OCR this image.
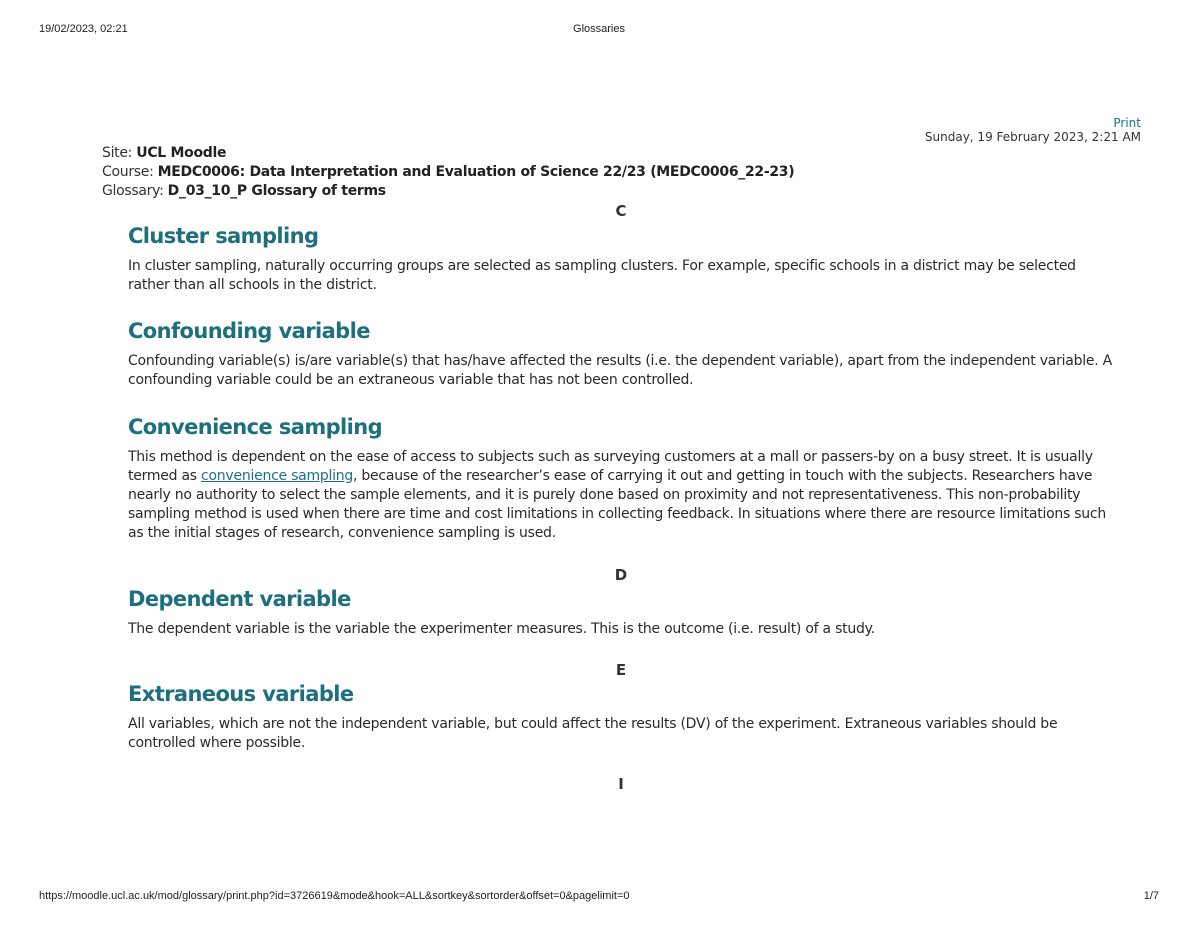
19/02/2023, 02:21	Glossaries
Print
Sunday, 19 February 2023, 2:21 AM
Site: UCL Moodle
Course: MEDC0006: Data Interpretation and Evaluation of Science 22/23 (MEDC0006_22-23)
Glossary: D_03_10_P Glossary of terms
C
Cluster sampling

In cluster sampling, naturally occurring groups are selected as sampling clusters. For example, specific schools in a district may be selected rather than all schools in the district.

Confounding variable

Confounding variable(s) is/are variable(s) that has/have affected the results (i.e. the dependent variable), apart from the independent variable. A confounding variable could be an extraneous variable that has not been controlled.

Convenience sampling

This method is dependent on the ease of access to subjects such as surveying customers at a mall or passers-by on a busy street. It is usually termed as convenience sampling, because of the researcher’s ease of carrying it out and getting in touch with the subjects. Researchers have nearly no authority to select the sample elements, and it is purely done based on proximity and not representativeness. This non-probability sampling method is used when there are time and cost limitations in collecting feedback. In situations where there are resource limitations such as the initial stages of research, convenience sampling is used.

D
Dependent variable

The dependent variable is the variable the experimenter measures. This is the outcome (i.e. result) of a study.

E
Extraneous variable

All variables, which are not the independent variable, but could affect the results (DV) of the experiment. Extraneous variables should be controlled where possible.

I
https://moodle.ucl.ac.uk/mod/glossary/print.php?id=3726619&mode&hook=ALL&sortkey&sortorder&offset=0&pagelimit=0	1/7
